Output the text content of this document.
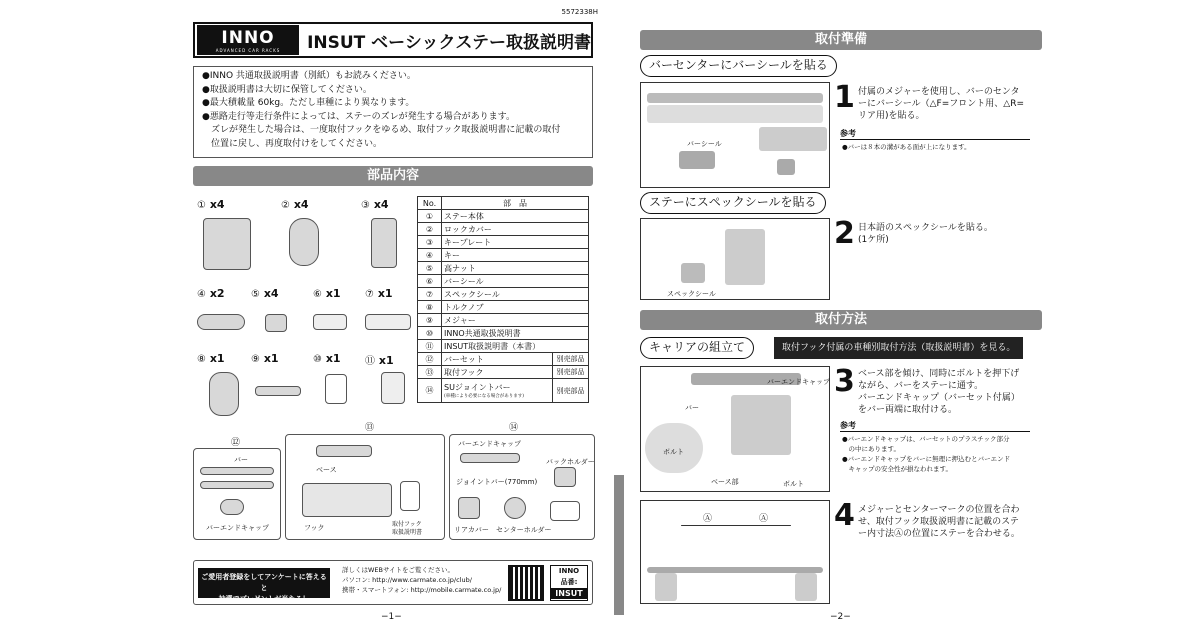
5572338H
INNO
ADVANCED CAR RACKS INSUT ベーシックステー取扱説明書
●INNO 共通取扱説明書（別紙）もお読みください。
●取扱説明書は大切に保管してください。
●最大積載量 60kg。ただし車種により異なります。
●悪路走行等走行条件によっては、ステーのズレが発生する場合があります。
　ズレが発生した場合は、一度取付フックをゆるめ、取付フック取扱説明書に記載の取付
　位置に戻し、再度取付けをしてください。
部品内容
① x4	② x4	③ x4
④ x2	⑤ x4	⑥ x1 ⑦ x1
⑧ x1	⑨ x1	⑩ x1 ⑪ x1
No.	部　品	
①	ステー本体	
②	ロックカバー	
③	キープレート	
④	キー	
⑤	高ナット	
⑥	バーシール	
⑦	スペックシール	
⑧	トルクノブ	
⑨	メジャー	
⑩	INNO共通取扱説明書	
⑪	INSUT取扱説明書（本書）	
⑫	バーセット	別売部品
⑬	取付フック	別売部品
⑭	SUジョイントバー
(車種により必要になる場合があります)	別売部品
⑫
バー
バーエンドキャップ
⑬
ベース
フック	取付フック
取扱説明書
⑭
バーエンドキャップ
バックホルダー
ジョイントバー(770mm)
リアカバー センターホルダー
ご愛用者登録をしてアンケートに答えると
抽選でプレゼントが当たる！
詳しくはWEBサイトをご覧ください。
パソコン: http://www.carmate.co.jp/club/
携帯・スマートフォン: http://mobile.carmate.co.jp/
INNO
品番:
INSUT
−1−
取付準備
バーセンターにバーシールを貼る
バーシール
1 付属のメジャーを使用し、バーのセンタ
ーにバーシール（△F=フロント用、△R=
リア用)を貼る。
参考
●バーは８本の溝がある面が上になります。
ステーにスペックシールを貼る
スペックシール
2 日本語のスペックシールを貼る。
(1ケ所)
取付方法
キャリアの組立て	取付フック付属の車種別取付方法（取扱説明書）を見る。
バーエンドキャップ
バー
ボルト
ベース部	ボルト
3 ベース部を傾け、同時にボルトを押下げ
ながら、バーをステーに通す。
バーエンドキャップ（バーセット付属）
をバー両端に取付ける。
参考
●バーエンドキャップは、バーセットのプラスチック部分
　の中にあります。
●バーエンドキャップをバーに無理に押込むとバーエンド
　キャップの安全性が損なわれます。
Ⓐ	Ⓐ 4 メジャーとセンターマークの位置を合わ
せ、取付フック取扱説明書に記載のステ
ー内寸法Ⓐの位置にステーを合わせる。
−2−
